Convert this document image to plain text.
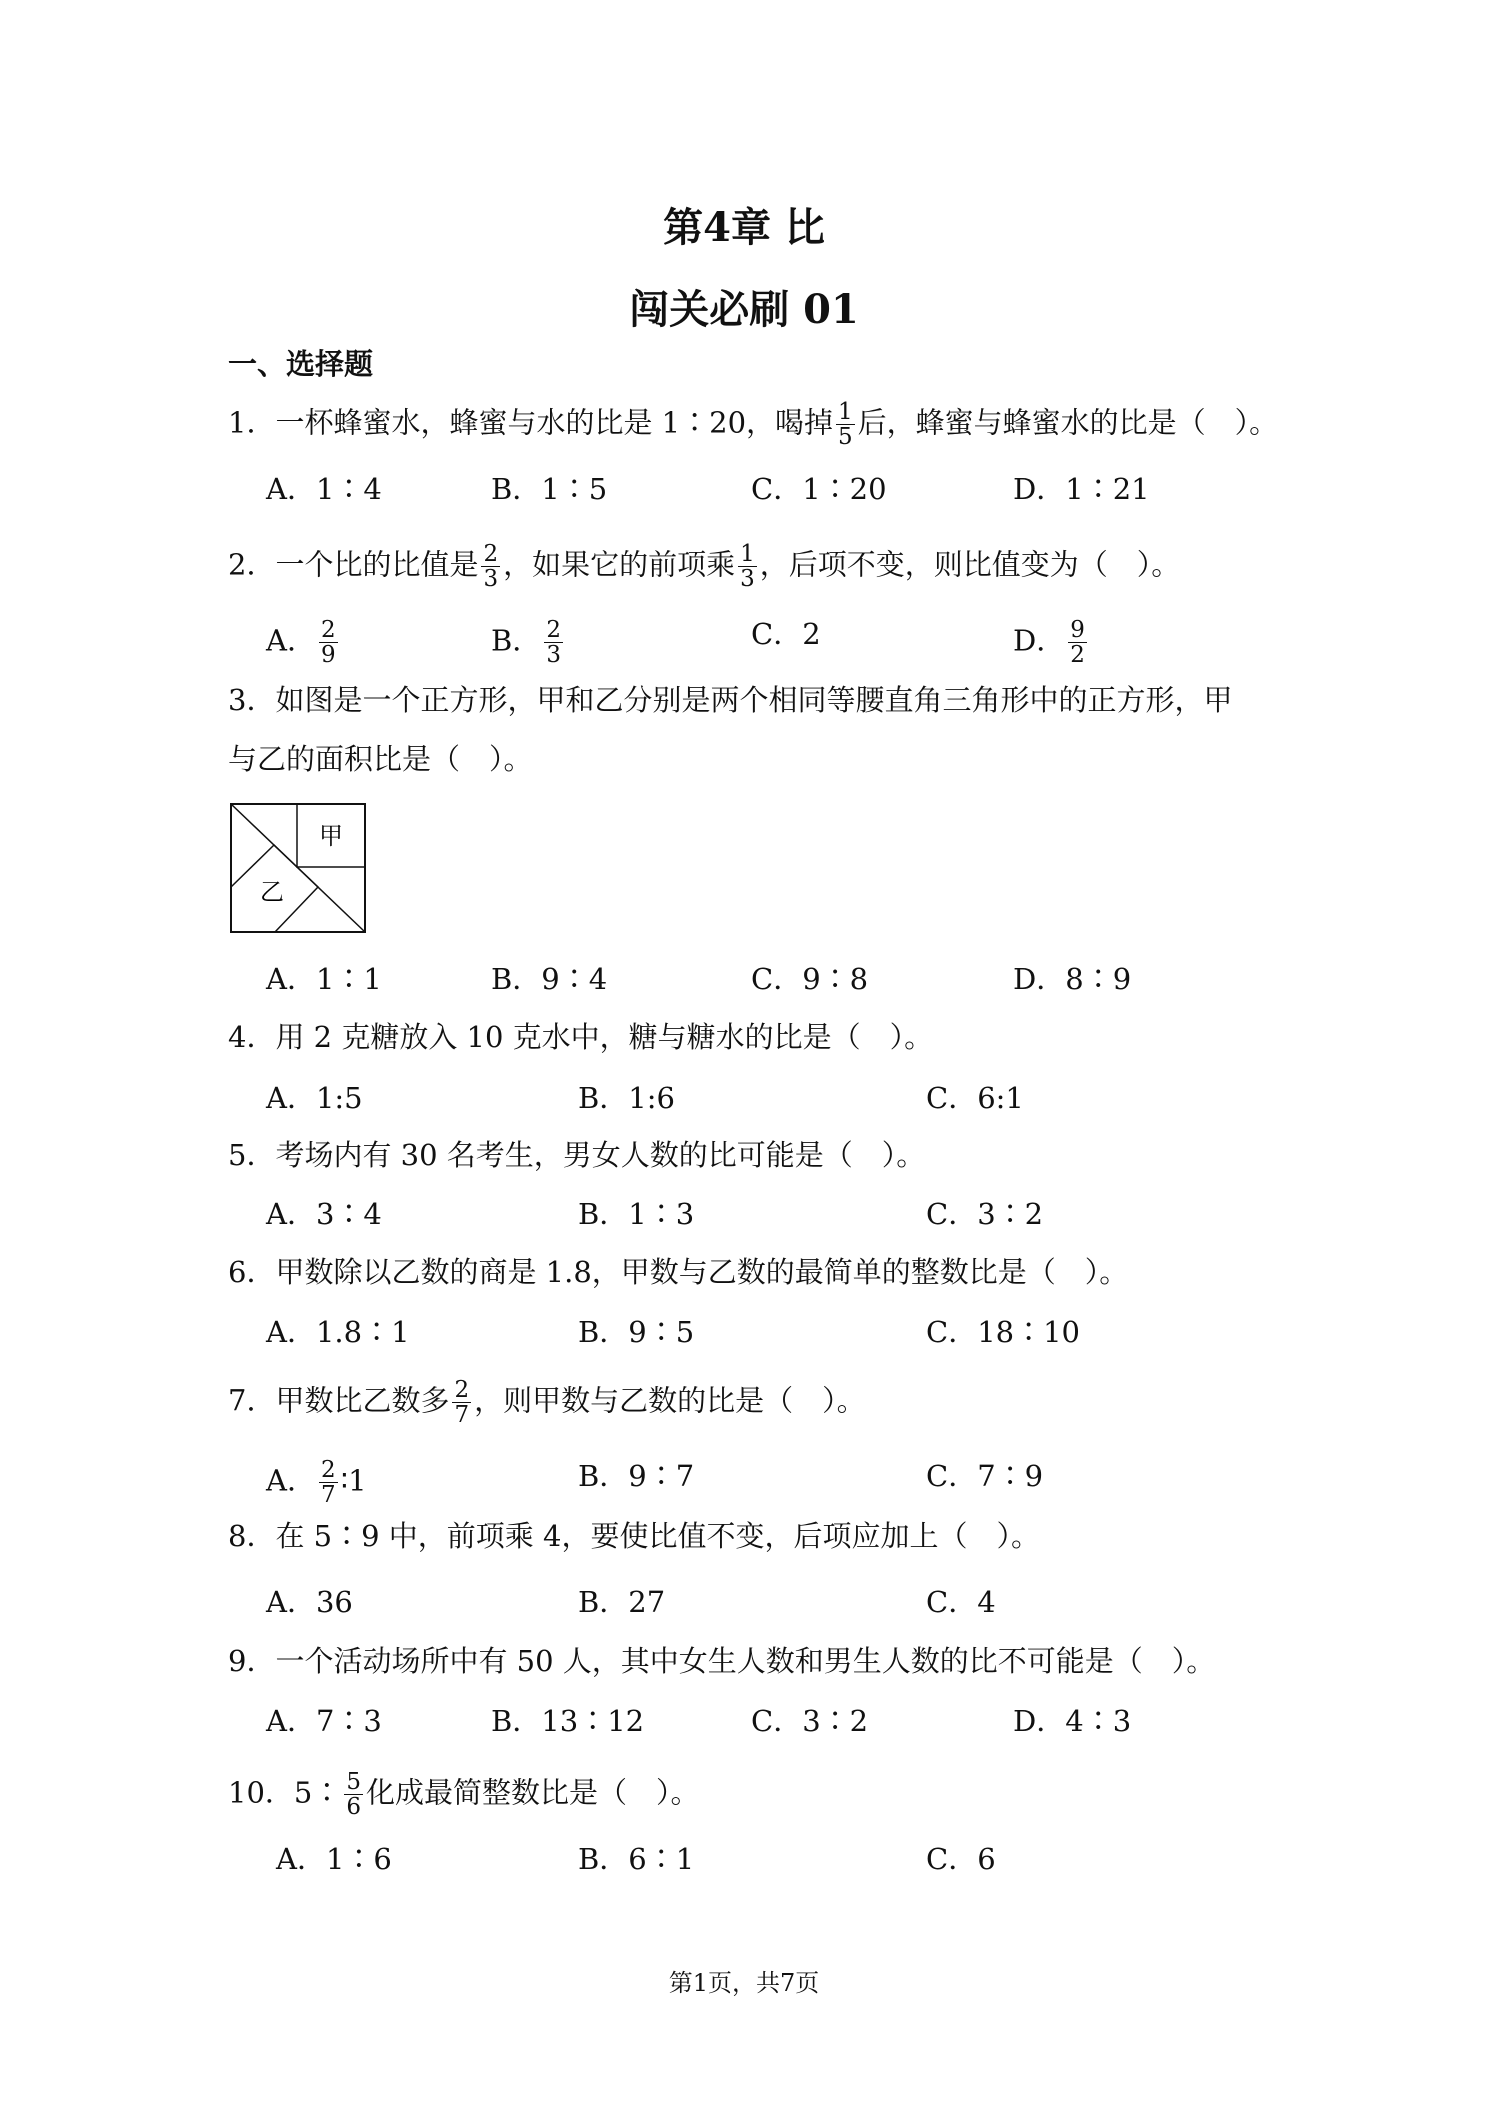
第4章 比
闯关必刷 01
一、选择题
1．一杯蜂蜜水，蜂蜜与水的比是 1∶20，喝掉 $\frac{1}{5}$ 后，蜂蜜与蜂蜜水的比是（　）。
A．1∶4	B．1∶5	C．1∶20	D．1∶21
2．一个比的比值是 $\frac{2}{3}$ ，如果它的前项乘 $\frac{1}{3}$ ，后项不变，则比值变为（　）。
A． $\frac{2}{9}$	B． $\frac{2}{3}$	C．2	D． $\frac{9}{2}$
3．如图是一个正方形，甲和乙分别是两个相同等腰直角三角形中的正方形，甲
与乙的面积比是（　）。
甲
乙
A．1∶1	B．9∶4	C．9∶8	D．8∶9
4．用 2 克糖放入 10 克水中，糖与糖水的比是（　）。
A．1:5	B．1:6	C．6:1
5．考场内有 30 名考生，男女人数的比可能是（　）。
A．3∶4	B．1∶3	C．3∶2
6．甲数除以乙数的商是 1.8，甲数与乙数的最简单的整数比是（　）。
A．1.8∶1	B．9∶5	C．18∶10
7．甲数比乙数多 $\frac{2}{7}$ ，则甲数与乙数的比是（　）。
A． $\frac{2}{7}$ ∶1	B．9∶7	C．7∶9
8．在 5∶9 中，前项乘 4，要使比值不变，后项应加上（　）。
A．36	B．27	C．4
9．一个活动场所中有 50 人，其中女生人数和男生人数的比不可能是（　）。
A．7∶3	B．13∶12	C．3∶2	D．4∶3
10．5∶ $\frac{5}{6}$ 化成最简整数比是（　）。
A．1∶6	B．6∶1	C．6
第1页，共7页
